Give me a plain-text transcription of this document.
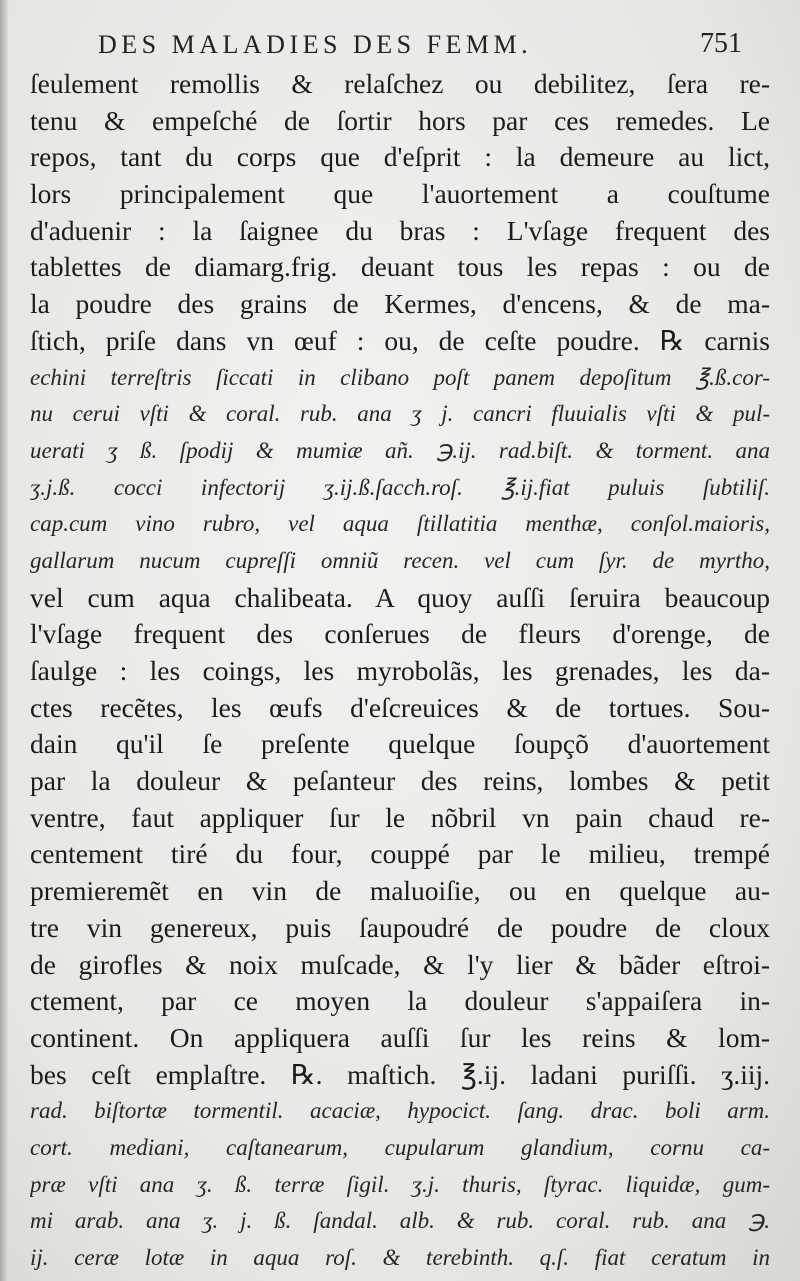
DES MALADIES DES FEMM.	751
ſeulement remollis & relaſchez ou debilitez, ſera re-
tenu & empeſché de ſortir hors par ces remedes. Le
repos, tant du corps que d'eſprit : la demeure au lict,
lors principalement que l'auortement a couſtume
d'aduenir : la ſaignee du bras : L'vſage frequent des
tablettes de diamarg.frig. deuant tous les repas : ou de
la poudre des grains de Kermes, d'encens, & de ma-
ſtich, priſe dans vn œuf : ou, de ceſte poudre. ℞ carnis
echini terreſtris ſiccati in clibano poſt panem depoſitum ℥.ß.cor-
nu cerui vſti & coral. rub. ana ʒ j. cancri fluuialis vſti & pul-
uerati ʒ ß. ſpodij & mumiæ añ. ℈.ij. rad.biſt. & torment. ana
ʒ.j.ß. cocci infectorij ʒ.ij.ß.ſacch.roſ. ℥.ij.fiat puluis ſubtiliſ.
cap.cum vino rubro, vel aqua ſtillatitia menthæ, conſol.maioris,
gallarum nucum cupreſſi omniũ recen. vel cum ſyr. de myrtho,
vel cum aqua chalibeata. A quoy auſſi ſeruira beaucoup
l'vſage frequent des conſerues de fleurs d'orenge, de
ſaulge : les coings, les myrobolãs, les grenades, les da-
ctes recẽtes, les œufs d'eſcreuices & de tortues. Sou-
dain qu'il ſe preſente quelque ſoupçõ d'auortement
par la douleur & peſanteur des reins, lombes & petit
ventre, faut appliquer ſur le nõbril vn pain chaud re-
centement tiré du four, couppé par le milieu, trempé
premieremẽt en vin de maluoiſie, ou en quelque au-
tre vin genereux, puis ſaupoudré de poudre de cloux
de girofles & noix muſcade, & l'y lier & bãder eſtroi-
ctement, par ce moyen la douleur s'appaiſera in-
continent. On appliquera auſſi ſur les reins & lom-
bes ceſt emplaſtre. ℞. maſtich. ℥.ij. ladani puriſſi. ʒ.iij.
rad. biſtortæ tormentil. acaciæ, hypocict. ſang. drac. boli arm.
cort. mediani, caſtanearum, cupularum glandium, cornu ca-
præ vſti ana ʒ. ß. terræ ſigil. ʒ.j. thuris, ſtyrac. liquidæ, gum-
mi arab. ana ʒ. j. ß. ſandal. alb. & rub. coral. rub. ana ℈.
ij. ceræ lotæ in aqua roſ. & terebinth. q.ſ. fiat ceratum in
